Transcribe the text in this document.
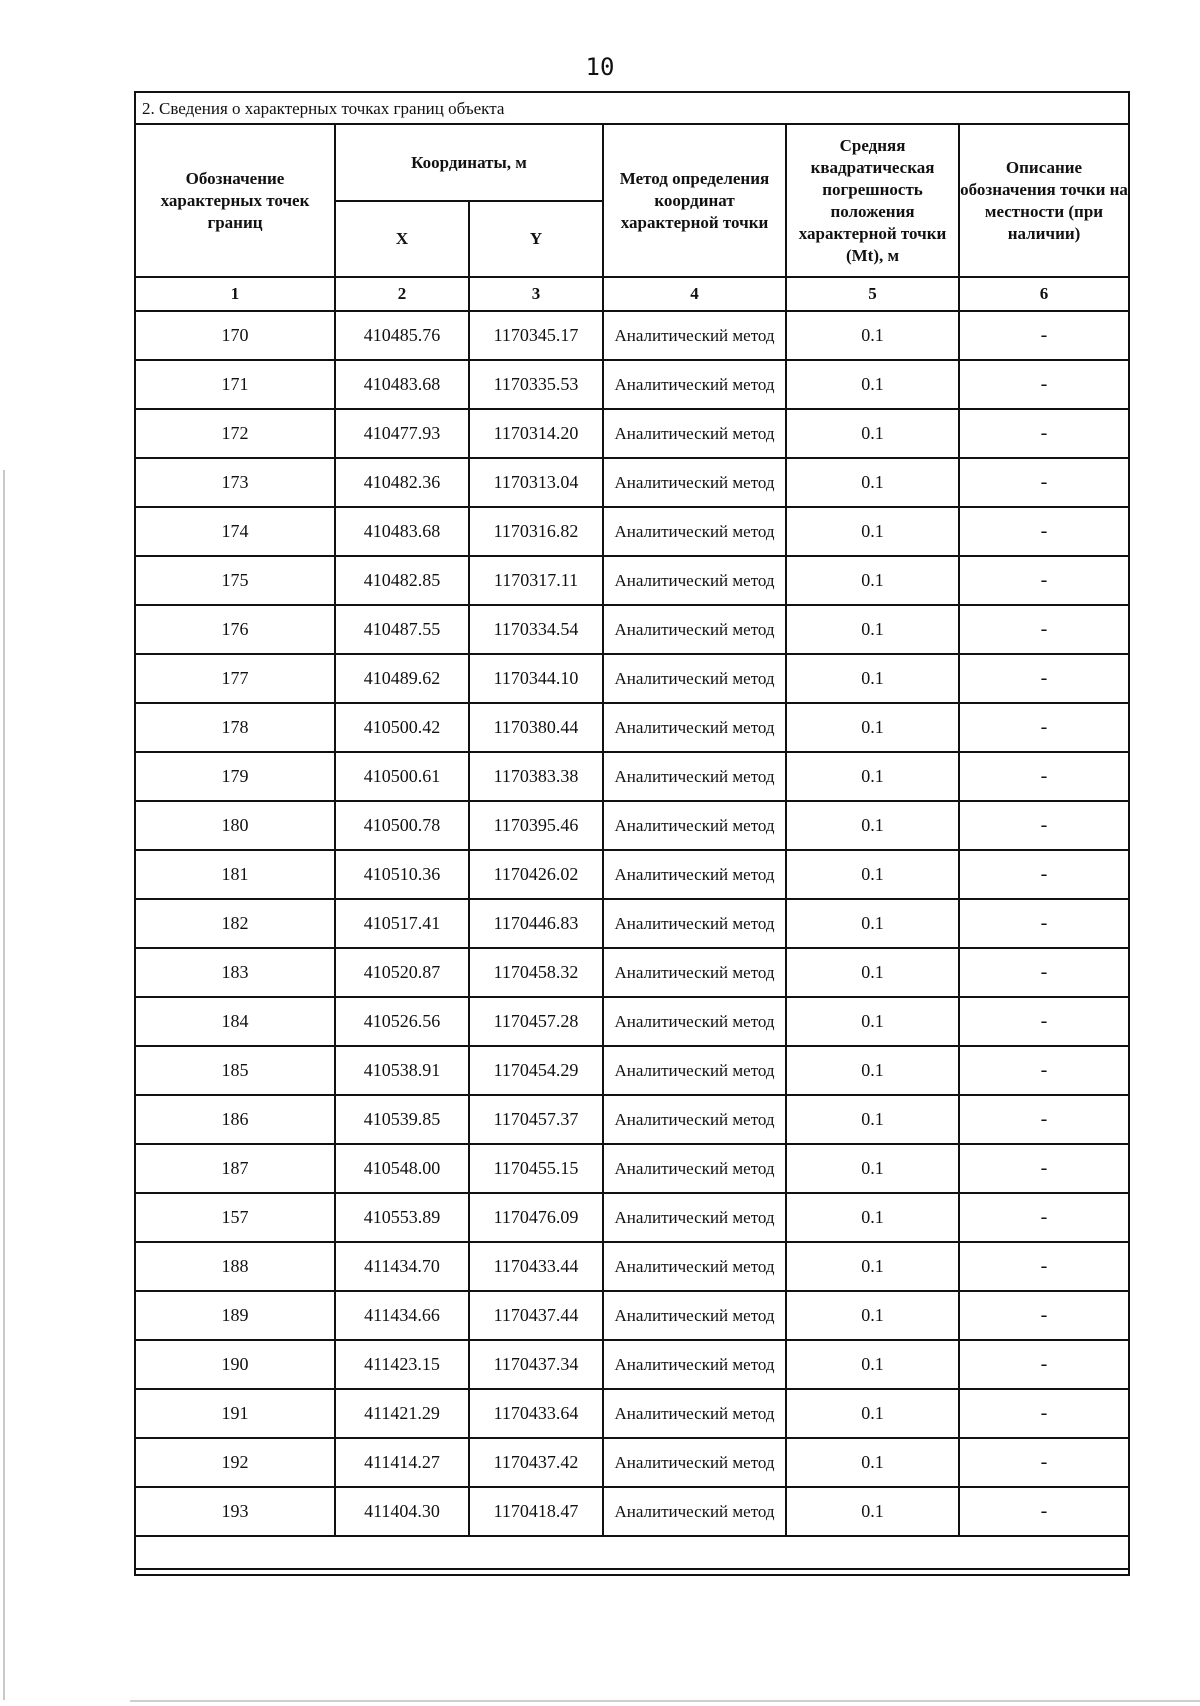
10
2. Сведения о характерных точках границ объекта
Обозначение характерных точек границ	Координаты, м		Метод определения координат характерной точки	Средняя квадратическая погрешность положения характерной точки (Mt), м	Описание обозначения точки на местности (при наличии)
	X	Y			
1	2	3	4	5	6
170	410485.76	1170345.17	Аналитический метод	0.1	-
171	410483.68	1170335.53	Аналитический метод	0.1	-
172	410477.93	1170314.20	Аналитический метод	0.1	-
173	410482.36	1170313.04	Аналитический метод	0.1	-
174	410483.68	1170316.82	Аналитический метод	0.1	-
175	410482.85	1170317.11	Аналитический метод	0.1	-
176	410487.55	1170334.54	Аналитический метод	0.1	-
177	410489.62	1170344.10	Аналитический метод	0.1	-
178	410500.42	1170380.44	Аналитический метод	0.1	-
179	410500.61	1170383.38	Аналитический метод	0.1	-
180	410500.78	1170395.46	Аналитический метод	0.1	-
181	410510.36	1170426.02	Аналитический метод	0.1	-
182	410517.41	1170446.83	Аналитический метод	0.1	-
183	410520.87	1170458.32	Аналитический метод	0.1	-
184	410526.56	1170457.28	Аналитический метод	0.1	-
185	410538.91	1170454.29	Аналитический метод	0.1	-
186	410539.85	1170457.37	Аналитический метод	0.1	-
187	410548.00	1170455.15	Аналитический метод	0.1	-
157	410553.89	1170476.09	Аналитический метод	0.1	-
188	411434.70	1170433.44	Аналитический метод	0.1	-
189	411434.66	1170437.44	Аналитический метод	0.1	-
190	411423.15	1170437.34	Аналитический метод	0.1	-
191	411421.29	1170433.64	Аналитический метод	0.1	-
192	411414.27	1170437.42	Аналитический метод	0.1	-
193	411404.30	1170418.47	Аналитический метод	0.1	-
